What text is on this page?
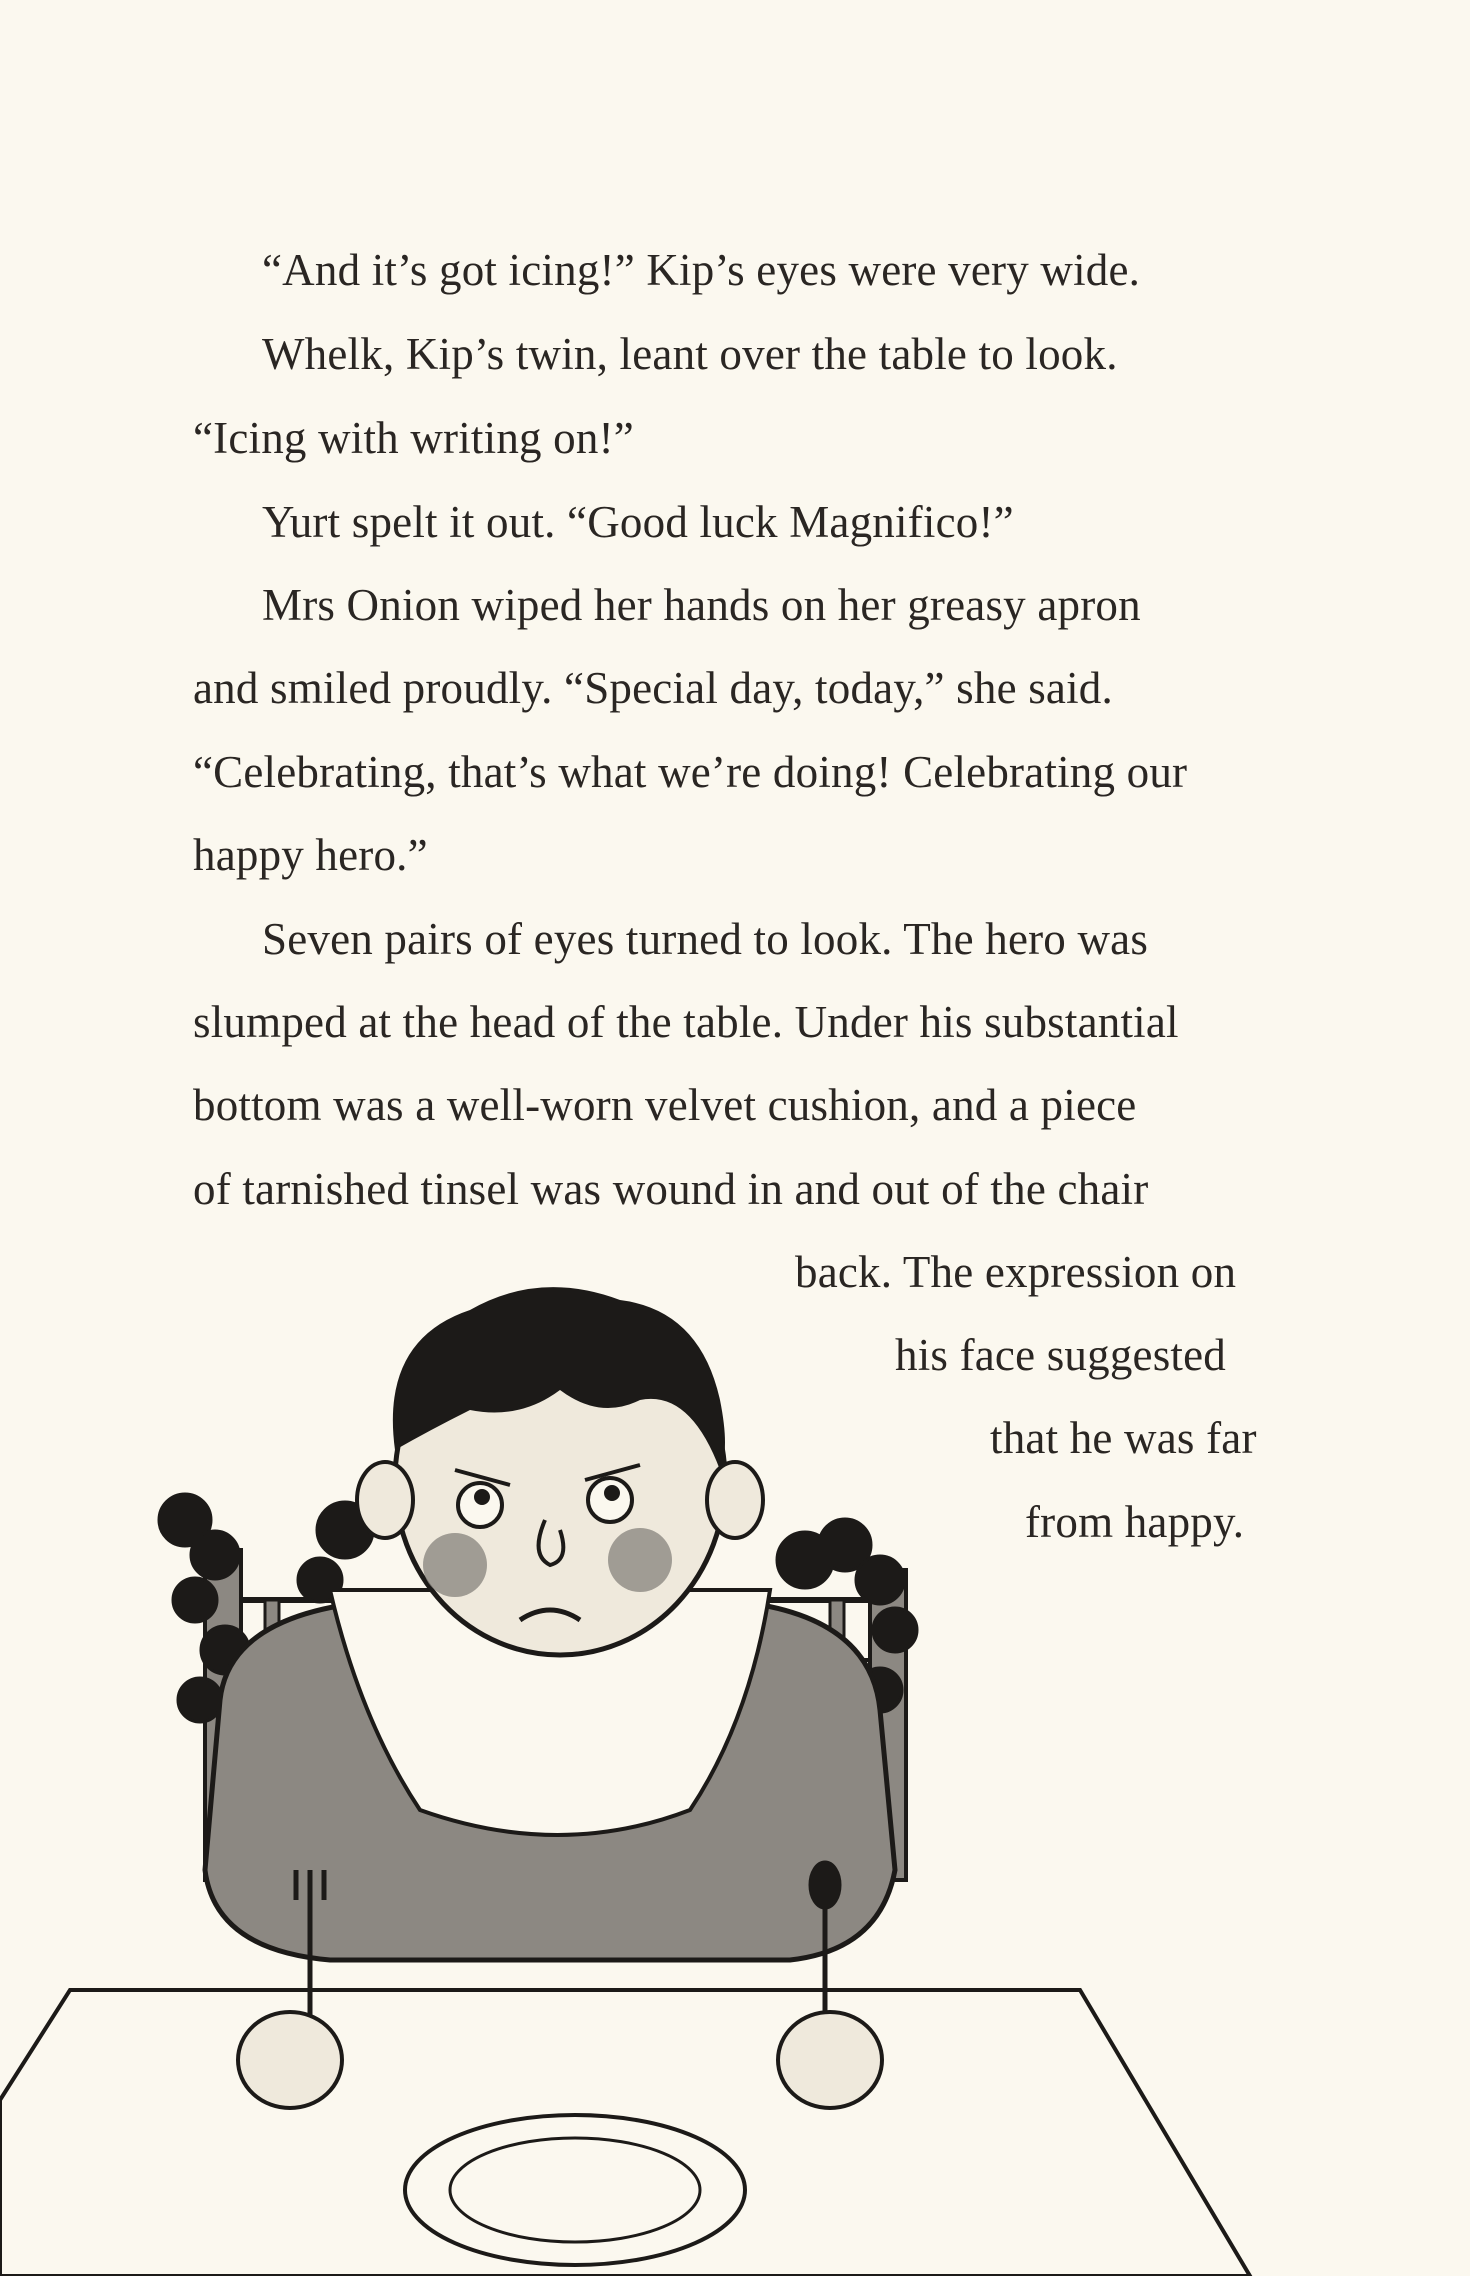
“And it’s got icing!” Kip’s eyes were very wide.
Whelk, Kip’s twin, leant over the table to look.
“Icing with writing on!”
Yurt spelt it out. “Good luck Magnifico!”
Mrs Onion wiped her hands on her greasy apron
and smiled proudly. “Special day, today,” she said.
“Celebrating, that’s what we’re doing! Celebrating our
happy hero.”
Seven pairs of eyes turned to look. The hero was
slumped at the head of the table. Under his substantial
bottom was a well-worn velvet cushion, and a piece
of tarnished tinsel was wound in and out of the chair
back. The expression on
his face suggested
that he was far
from happy.
